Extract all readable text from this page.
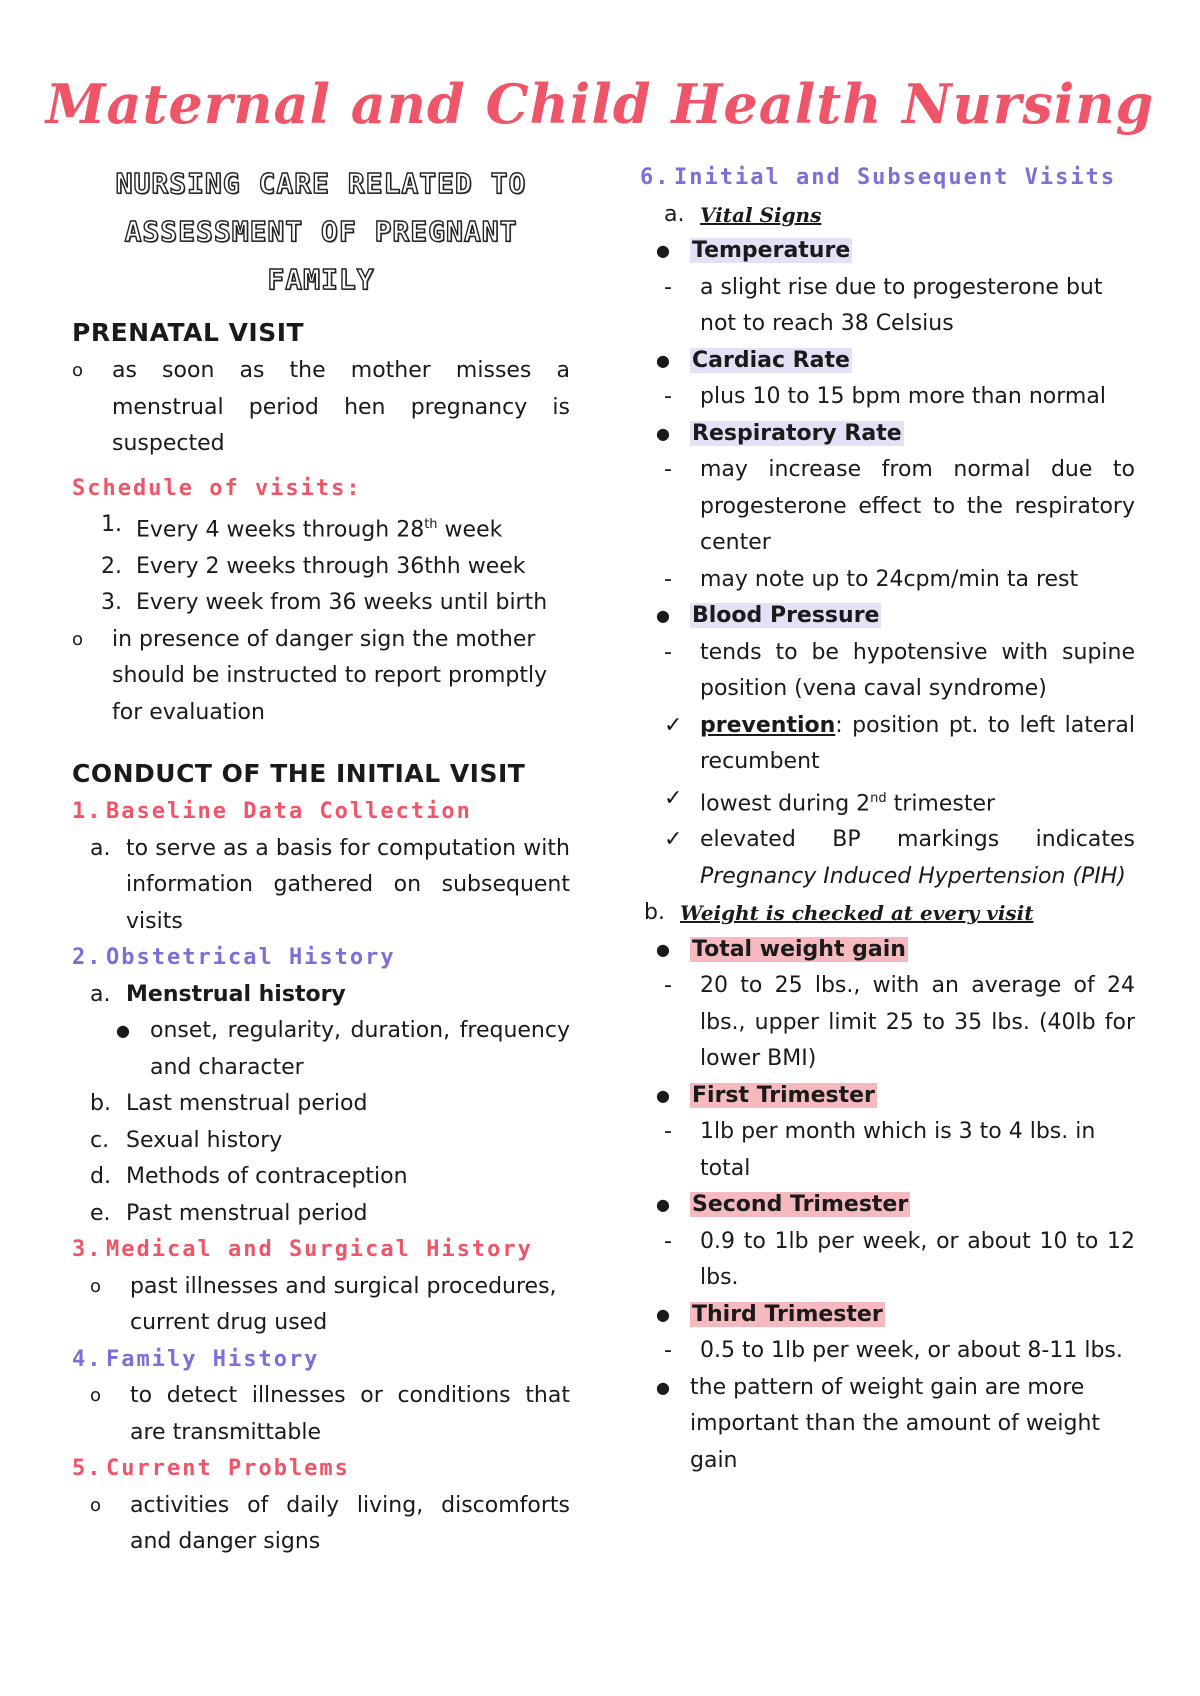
Maternal and Child Health Nursing
NURSING CARE RELATED TO ASSESSMENT OF PREGNANT FAMILY
PRENATAL VISIT
o	as soon as the mother misses a menstrual period hen pregnancy is suspected
Schedule of visits:
1. Every 4 weeks through 28th week
2. Every 2 weeks through 36thh week
3. Every week from 36 weeks until birth
o	in presence of danger sign the mother should be instructed to report promptly for evaluation
CONDUCT OF THE INITIAL VISIT
1. Baseline Data Collection
a. to serve as a basis for computation with information gathered on subsequent visits
2. Obstetrical History
a. Menstrual history
● onset, regularity, duration, frequency and character
b. Last menstrual period
c. Sexual history
d. Methods of contraception
e. Past menstrual period
3. Medical and Surgical History
o	past illnesses and surgical procedures, current drug used
4. Family History
o	to detect illnesses or conditions that are transmittable
5. Current Problems
o	activities of daily living, discomforts and danger signs
6. Initial and Subsequent Visits
a. Vital Signs
●	Temperature
-	a slight rise due to progesterone but not to reach 38 Celsius
●	Cardiac Rate
-	plus 10 to 15 bpm more than normal
●	Respiratory Rate
-	may increase from normal due to progesterone effect to the respiratory center
-	may note up to 24cpm/min ta rest
●	Blood Pressure
-	tends to be hypotensive with supine position (vena caval syndrome)
✓ prevention: position pt. to left lateral recumbent
✓ lowest during 2nd trimester
✓ elevated BP markings indicates Pregnancy Induced Hypertension (PIH)
b. Weight is checked at every visit
●	Total weight gain
-	20 to 25 lbs., with an average of 24 lbs., upper limit 25 to 35 lbs. (40lb for lower BMI)
●	First Trimester
-	1lb per month which is 3 to 4 lbs. in total
●	Second Trimester
-	0.9 to 1lb per week, or about 10 to 12 lbs.
●	Third Trimester
-	0.5 to 1lb per week, or about 8-11 lbs.
● the pattern of weight gain are more important than the amount of weight gain
